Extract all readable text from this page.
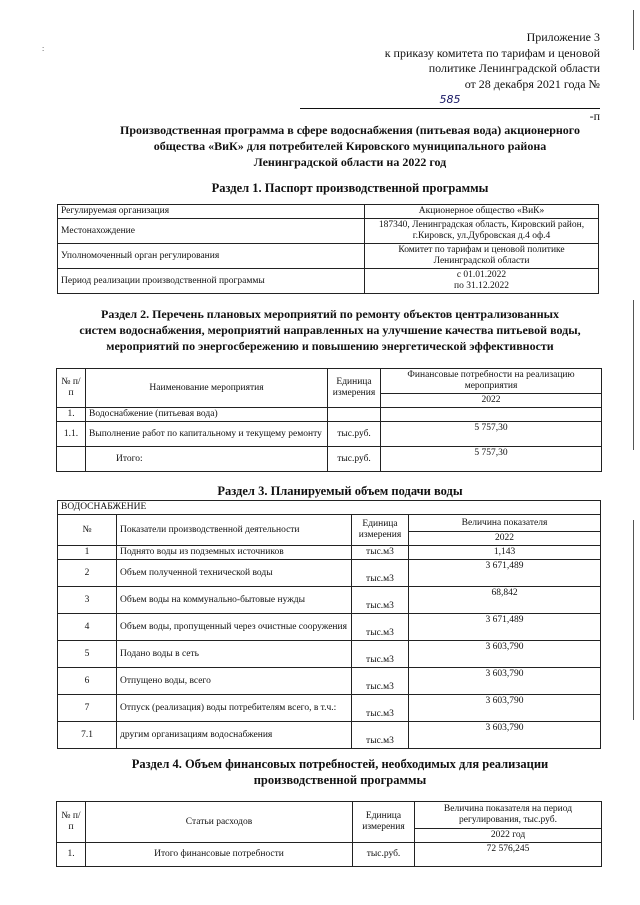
:
Приложение 3
к приказу комитета по тарифам и ценовой
политике Ленинградской области
от 28 декабря 2021 года №
585
-п
Производственная программа в сфере водоснабжения (питьевая вода) акционерного
общества «ВиК» для потребителей Кировского муниципального района
Ленинградской области на 2022 год
Раздел 1. Паспорт производственной программы
Регулируемая организация	Акционерное общество «ВиК»
Местонахождение	187340, Ленинградская область, Кировский район, г.Кировск, ул.Дубровская д.4 оф.4
Уполномоченный орган регулирования	Комитет по тарифам и ценовой политике Ленинградской области
Период реализации производственной программы	с 01.01.2022
по 31.12.2022
Раздел 2. Перечень плановых мероприятий по ремонту объектов централизованных
систем водоснабжения, мероприятий направленных на улучшение качества питьевой воды,
мероприятий по энергосбережению и повышению энергетической эффективности
№ п/п	Наименование мероприятия	Единица измерения	Финансовые потребности на реализацию мероприятия
			2022
1.	Водоснабжение (питьевая вода)		
1.1.	Выполнение работ по капитальному и текущему ремонту	тыс.руб.	5 757,30
	Итого:	тыс.руб.	5 757,30
Раздел 3. Планируемый объем подачи воды
ВОДОСНАБЖЕНИЕ			
№	Показатели производственной деятельности	Единица измерения	Величина показателя
			2022
1	Поднято воды из подземных источников	тыс.м3	1,143
2	Объем полученной технической воды	тыс.м3	3 671,489
3	Объем воды на коммунально-бытовые нужды	тыс.м3	68,842
4	Объем воды, пропущенный через очистные сооружения	тыс.м3	3 671,489
5	Подано воды в сеть	тыс.м3	3 603,790
6	Отпущено воды, всего	тыс.м3	3 603,790
7	Отпуск (реализация) воды потребителям всего, в т.ч.:	тыс.м3	3 603,790
7.1	другим организациям водоснабжения	тыс.м3	3 603,790
Раздел 4. Объем финансовых потребностей, необходимых для реализации
производственной программы
№ п/п	Статьи расходов	Единица измерения	Величина показателя на период регулирования, тыс.руб.
			2022 год
1.	Итого финансовые потребности	тыс.руб.	72 576,245
